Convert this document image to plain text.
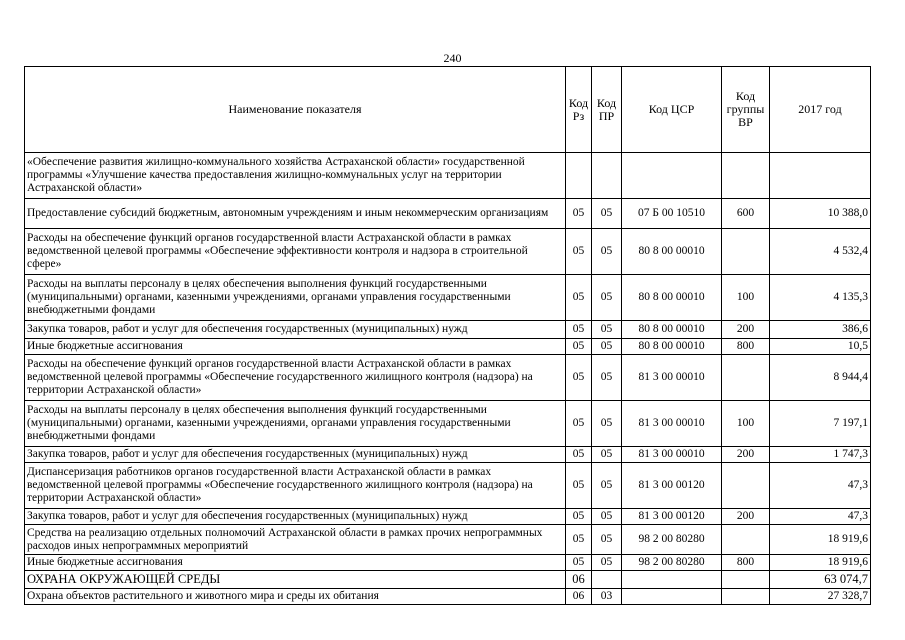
240
Наименование показателя	Код Рз	Код ПР	Код ЦСР	Код группы ВР	2017 год
«Обеспечение развития жилищно-коммунального хозяйства Астраханской области» государственной программы «Улучшение качества предоставления жилищно-коммунальных услуг на территории Астраханской области»					
Предоставление субсидий бюджетным, автономным учреждениям и иным некоммерческим организациям	05	05	07 Б 00 10510	600	10 388,0
Расходы на обеспечение функций органов государственной власти Астраханской области в рамках ведомственной целевой программы «Обеспечение эффективности контроля и надзора в строительной сфере»	05	05	80 8 00 00010		4 532,4
Расходы на выплаты персоналу в целях обеспечения выполнения функций государственными (муниципальными) органами, казенными учреждениями, органами управления государственными внебюджетными фондами	05	05	80 8 00 00010	100	4 135,3
Закупка товаров, работ и услуг для обеспечения государственных (муниципальных) нужд	05	05	80 8 00 00010	200	386,6
Иные бюджетные ассигнования	05	05	80 8 00 00010	800	10,5
Расходы на обеспечение функций органов государственной власти Астраханской области в рамках ведомственной целевой программы «Обеспечение государственного жилищного контроля (надзора) на территории Астраханской области»	05	05	81 3 00 00010		8 944,4
Расходы на выплаты персоналу в целях обеспечения выполнения функций государственными (муниципальными) органами, казенными учреждениями, органами управления государственными внебюджетными фондами	05	05	81 3 00 00010	100	7 197,1
Закупка товаров, работ и услуг для обеспечения государственных (муниципальных) нужд	05	05	81 3 00 00010	200	1 747,3
Диспансеризация работников органов государственной власти Астраханской области в рамках ведомственной целевой программы «Обеспечение государственного жилищного контроля (надзора) на территории Астраханской области»	05	05	81 3 00 00120		47,3
Закупка товаров, работ и услуг для обеспечения государственных (муниципальных) нужд	05	05	81 3 00 00120	200	47,3
Средства на реализацию отдельных полномочий Астраханской области в рамках прочих непрограммных расходов иных непрограммных мероприятий	05	05	98 2 00 80280		18 919,6
Иные бюджетные ассигнования	05	05	98 2 00 80280	800	18 919,6
ОХРАНА ОКРУЖАЮЩЕЙ СРЕДЫ	06				63 074,7
Охрана объектов растительного и животного мира и среды их обитания	06	03			27 328,7
